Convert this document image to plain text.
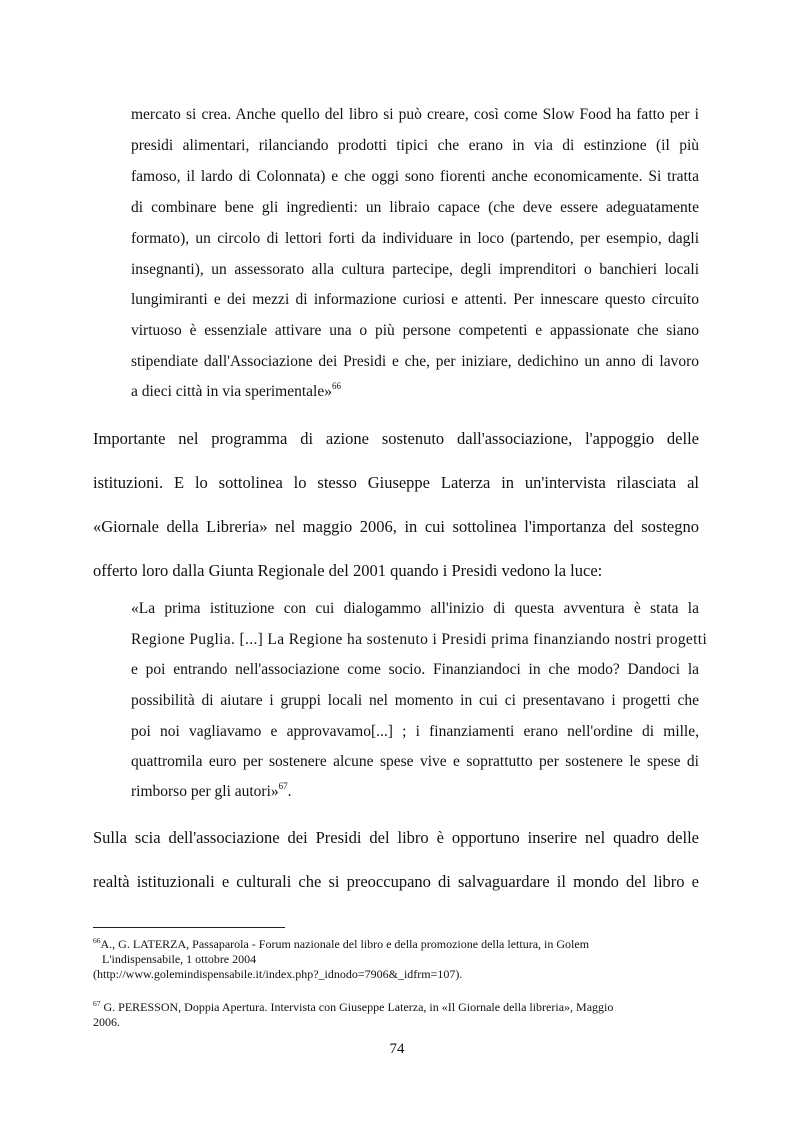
mercato si crea. Anche quello del libro si può creare, così come Slow Food ha fatto per i
presidi alimentari, rilanciando prodotti tipici che erano in via di estinzione (il più
famoso, il lardo di Colonnata) e che oggi sono fiorenti anche economicamente. Si tratta
di combinare bene gli ingredienti: un libraio capace (che deve essere adeguatamente
formato), un circolo di lettori forti da individuare in loco (partendo, per esempio, dagli
insegnanti), un assessorato alla cultura partecipe, degli imprenditori o banchieri locali
lungimiranti e dei mezzi di informazione curiosi e attenti. Per innescare questo circuito
virtuoso è essenziale attivare una o più persone competenti e appassionate che siano
stipendiate dall'Associazione dei Presidi e che, per iniziare, dedichino un anno di lavoro
a dieci città in via sperimentale»$^{66}$
Importante nel programma di azione sostenuto dall'associazione, l'appoggio delle
istituzioni. E lo sottolinea lo stesso Giuseppe Laterza in un'intervista rilasciata al
«Giornale della Libreria» nel maggio 2006, in cui sottolinea l'importanza del sostegno
offerto loro dalla Giunta Regionale del 2001 quando i Presidi vedono la luce:
«La prima istituzione con cui dialogammo all'inizio di questa avventura è stata la
Regione Puglia. [...] La Regione ha sostenuto i Presidi prima finanziando nostri progetti
e poi entrando nell'associazione come socio. Finanziandoci in che modo? Dandoci la
possibilità di aiutare i gruppi locali nel momento in cui ci presentavano i progetti che
poi noi vagliavamo e approvavamo[...] ; i finanziamenti erano nell'ordine di mille,
quattromila euro per sostenere alcune spese vive e soprattutto per sostenere le spese di
rimborso per gli autori»$^{67}$.
Sulla scia dell'associazione dei Presidi del libro è opportuno inserire nel quadro delle
realtà istituzionali e culturali che si preoccupano di salvaguardare il mondo del libro e
$^{66}$A., G. LATERZA, Passaparola - Forum nazionale del libro e della promozione della lettura, in Golem
L'indispensabile, 1 ottobre 2004
(http://www.golemindispensabile.it/index.php?_idnodo=7906&_idfrm=107).
$^{67}$ G. PERESSON, Doppia Apertura. Intervista con Giuseppe Laterza, in «Il Giornale della libreria», Maggio
2006.
74
